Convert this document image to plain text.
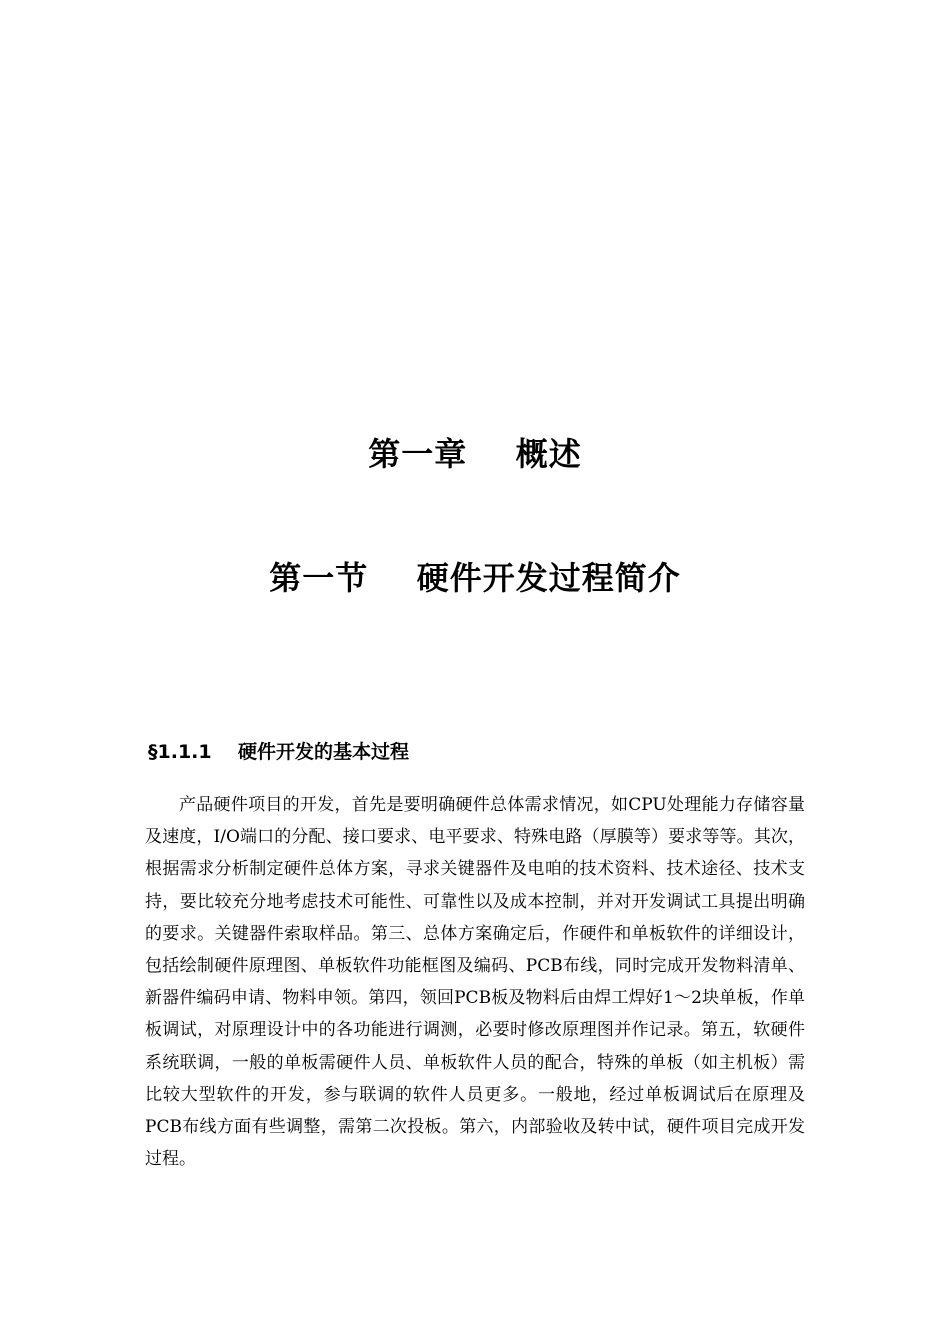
第一章    概述
第一节    硬件开发过程简介
§1.1.1    硬件开发的基本过程

产品硬件项目的开发，首先是要明确硬件总体需求情况，如CPU处理能力存储容量及速度，I/O端口的分配、接口要求、电平要求、特殊电路（厚膜等）要求等等。其次，根据需求分析制定硬件总体方案，寻求关键器件及电咱的技术资料、技术途径、技术支持，要比较充分地考虑技术可能性、可靠性以及成本控制，并对开发调试工具提出明确的要求。关键器件索取样品。第三、总体方案确定后，作硬件和单板软件的详细设计，包括绘制硬件原理图、单板软件功能框图及编码、PCB布线，同时完成开发物料清单、新器件编码申请、物料申领。第四，领回PCB板及物料后由焊工焊好1～2块单板，作单板调试，对原理设计中的各功能进行调测，必要时修改原理图并作记录。第五，软硬件系统联调，一般的单板需硬件人员、单板软件人员的配合，特殊的单板（如主机板）需比较大型软件的开发，参与联调的软件人员更多。一般地，经过单板调试后在原理及PCB布线方面有些调整，需第二次投板。第六，内部验收及转中试，硬件项目完成开发过程。
